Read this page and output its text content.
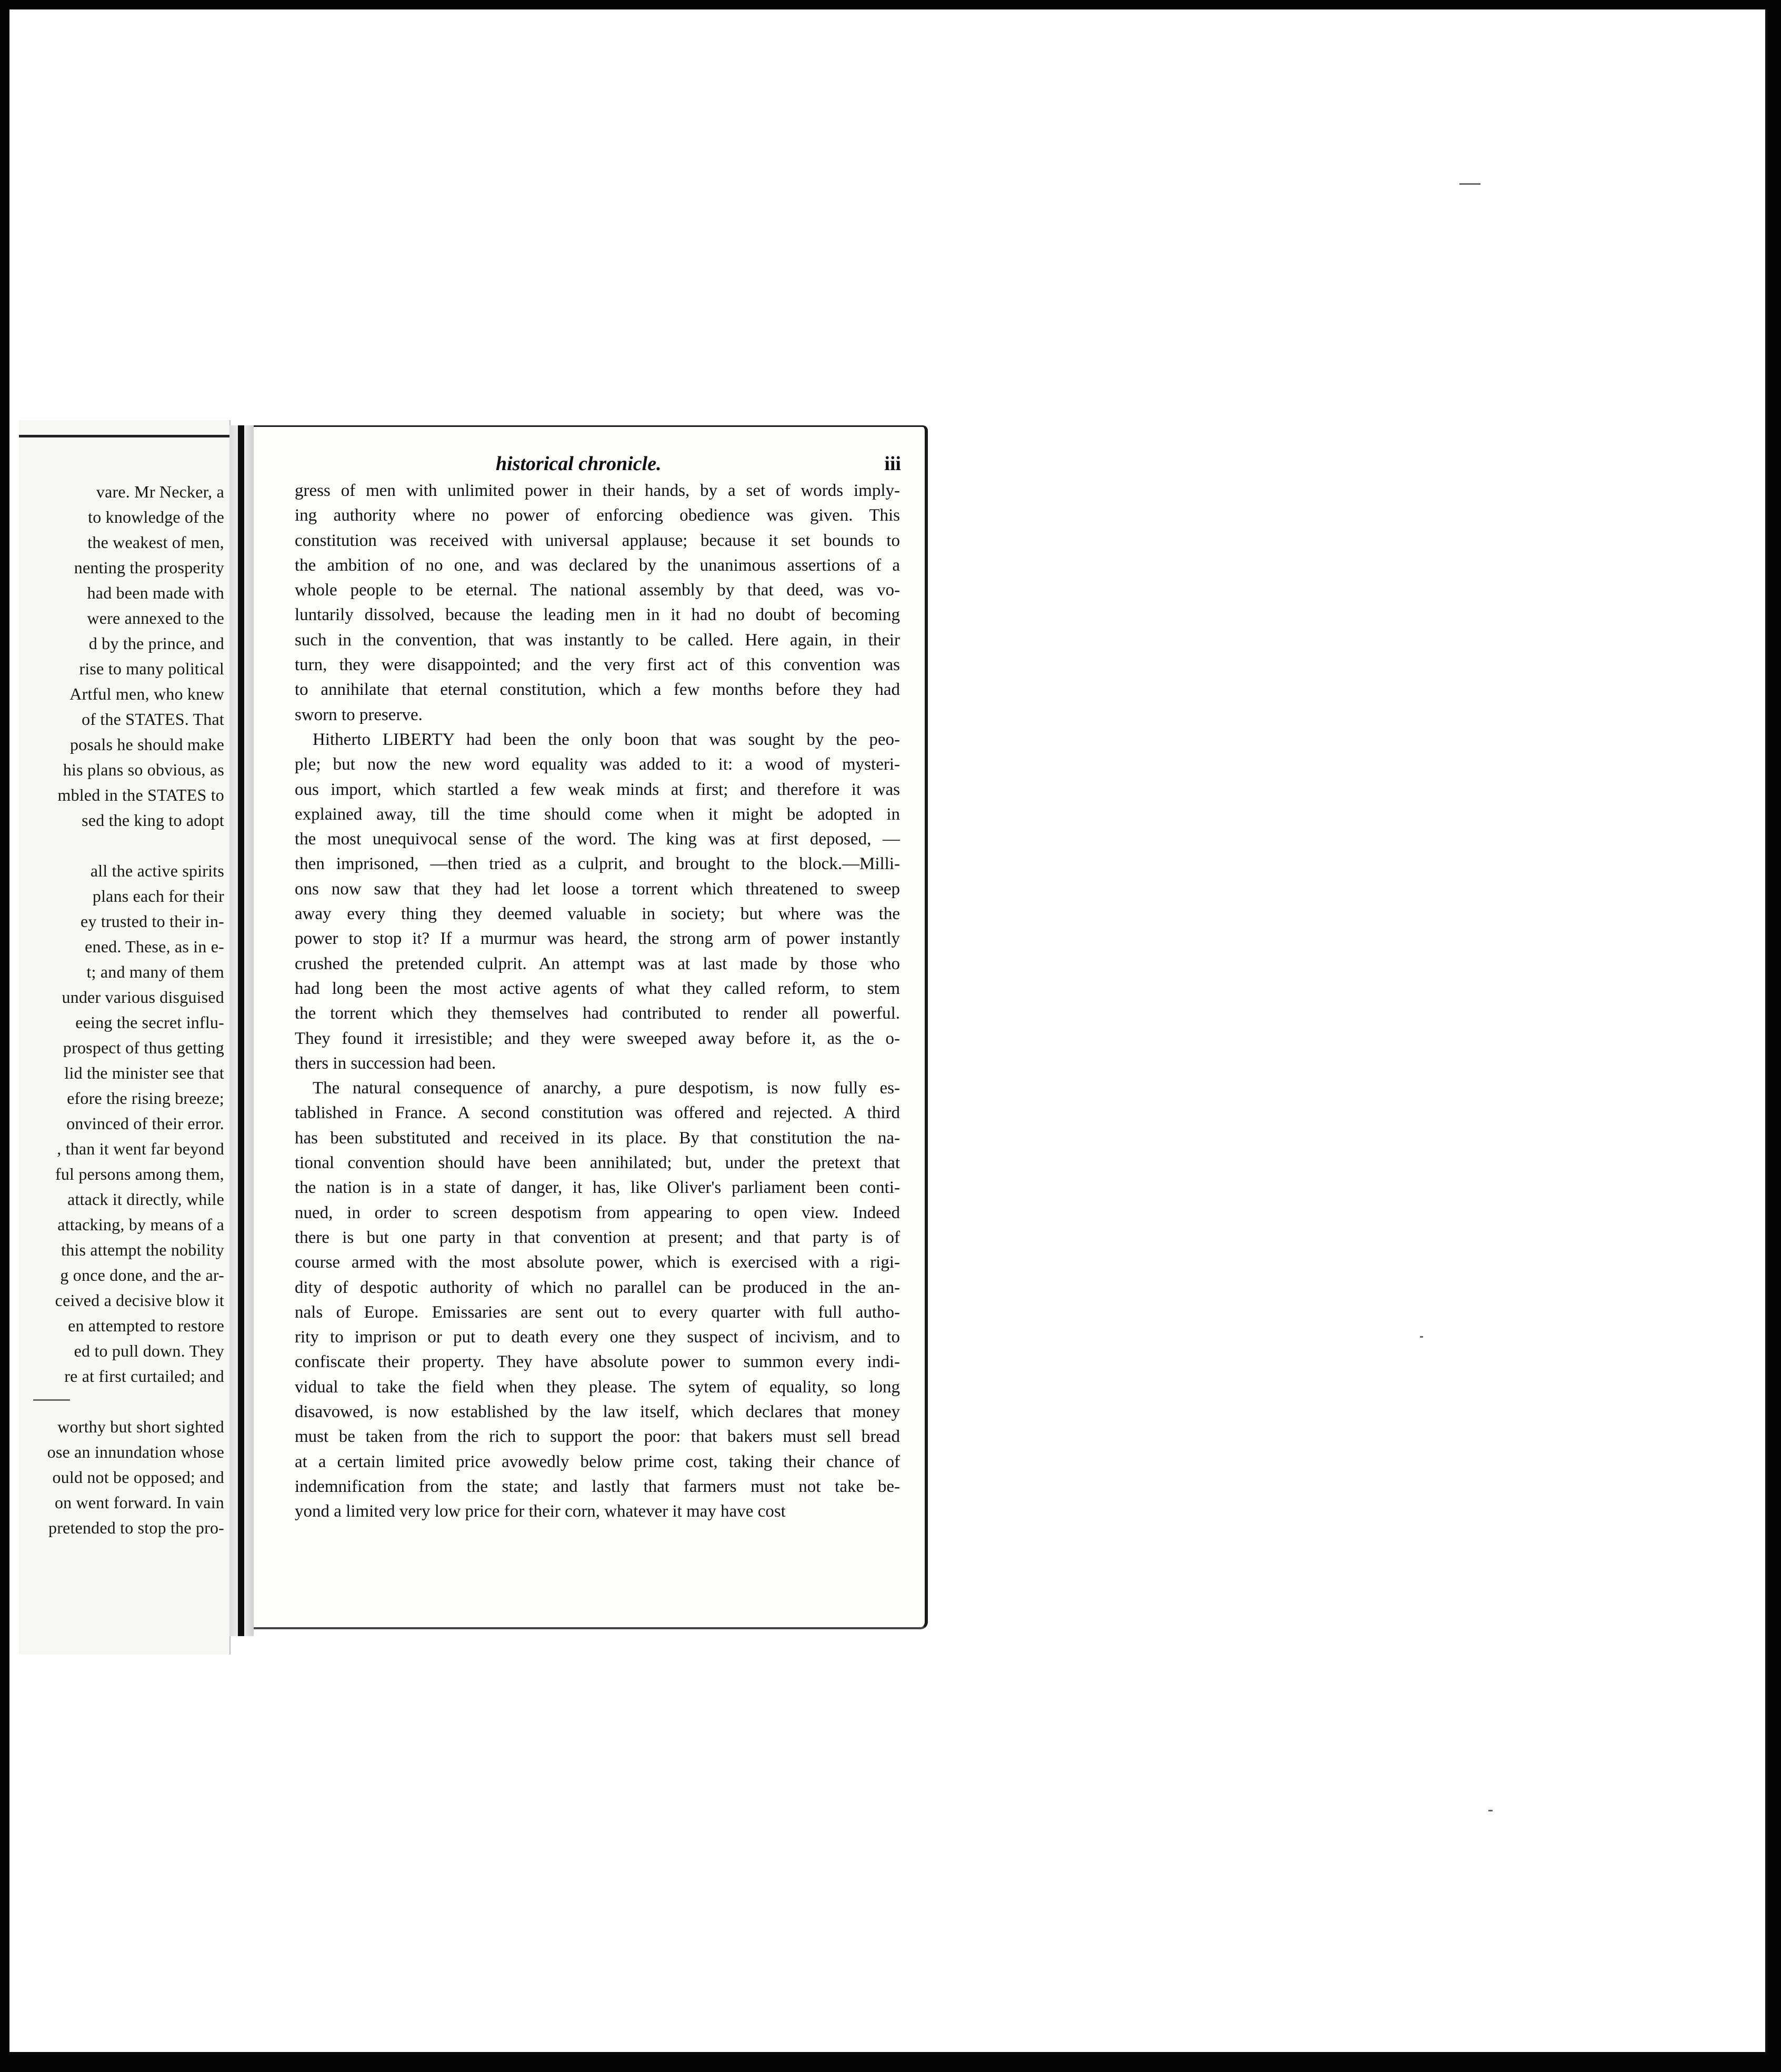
vare. Mr Necker, a
to knowledge of the
the weakest of men,
nenting the prosperity
had been made with
were annexed to the
d by the prince, and
rise to many political
Artful men, who knew
of the STATES. That
posals he should make
his plans so obvious, as
mbled in the STATES to
sed the king to adopt
all the active spirits
plans each for their
ey trusted to their in-
ened. These, as in e-
t; and many of them
under various disguised
eeing the secret influ-
prospect of thus getting
lid the minister see that
efore the rising breeze;
onvinced of their error.
, than it went far beyond
ful persons among them,
attack it directly, while
attacking, by means of a
this attempt the nobility
g once done, and the ar-
ceived a decisive blow it
en attempted to restore
ed to pull down. They
re at first curtailed; and
worthy but short sighted
ose an innundation whose
ould not be opposed; and
on went forward. In vain
pretended to stop the pro-
historical chronicle.	iii
gress of men with unlimited power in their hands, by a set of words imply-
ing authority where no power of enforcing obedience was given. This
constitution was received with universal applause; because it set bounds to
the ambition of no one, and was declared by the unanimous assertions of a
whole people to be eternal. The national assembly by that deed, was vo-
luntarily dissolved, because the leading men in it had no doubt of becoming
such in the convention, that was instantly to be called. Here again, in their
turn, they were disappointed; and the very first act of this convention was
to annihilate that eternal constitution, which a few months before they had
sworn to preserve.
Hitherto LIBERTY had been the only boon that was sought by the peo-
ple; but now the new word equality was added to it: a wood of mysteri-
ous import, which startled a few weak minds at first; and therefore it was
explained away, till the time should come when it might be adopted in
the most unequivocal sense of the word. The king was at first deposed, —
then imprisoned, —then tried as a culprit, and brought to the block.—Milli-
ons now saw that they had let loose a torrent which threatened to sweep
away every thing they deemed valuable in society; but where was the
power to stop it? If a murmur was heard, the strong arm of power instantly
crushed the pretended culprit. An attempt was at last made by those who
had long been the most active agents of what they called reform, to stem
the torrent which they themselves had contributed to render all powerful.
They found it irresistible; and they were sweeped away before it, as the o-
thers in succession had been.
The natural consequence of anarchy, a pure despotism, is now fully es-
tablished in France. A second constitution was offered and rejected. A third
has been substituted and received in its place. By that constitution the na-
tional convention should have been annihilated; but, under the pretext that
the nation is in a state of danger, it has, like Oliver's parliament been conti-
nued, in order to screen despotism from appearing to open view. Indeed
there is but one party in that convention at present; and that party is of
course armed with the most absolute power, which is exercised with a rigi-
dity of despotic authority of which no parallel can be produced in the an-
nals of Europe. Emissaries are sent out to every quarter with full autho-
rity to imprison or put to death every one they suspect of incivism, and to
confiscate their property. They have absolute power to summon every indi-
vidual to take the field when they please. The sytem of equality, so long
disavowed, is now established by the law itself, which declares that money
must be taken from the rich to support the poor: that bakers must sell bread
at a certain limited price avowedly below prime cost, taking their chance of
indemnification from the state; and lastly that farmers must not take be-
yond a limited very low price for their corn, whatever it may have cost
